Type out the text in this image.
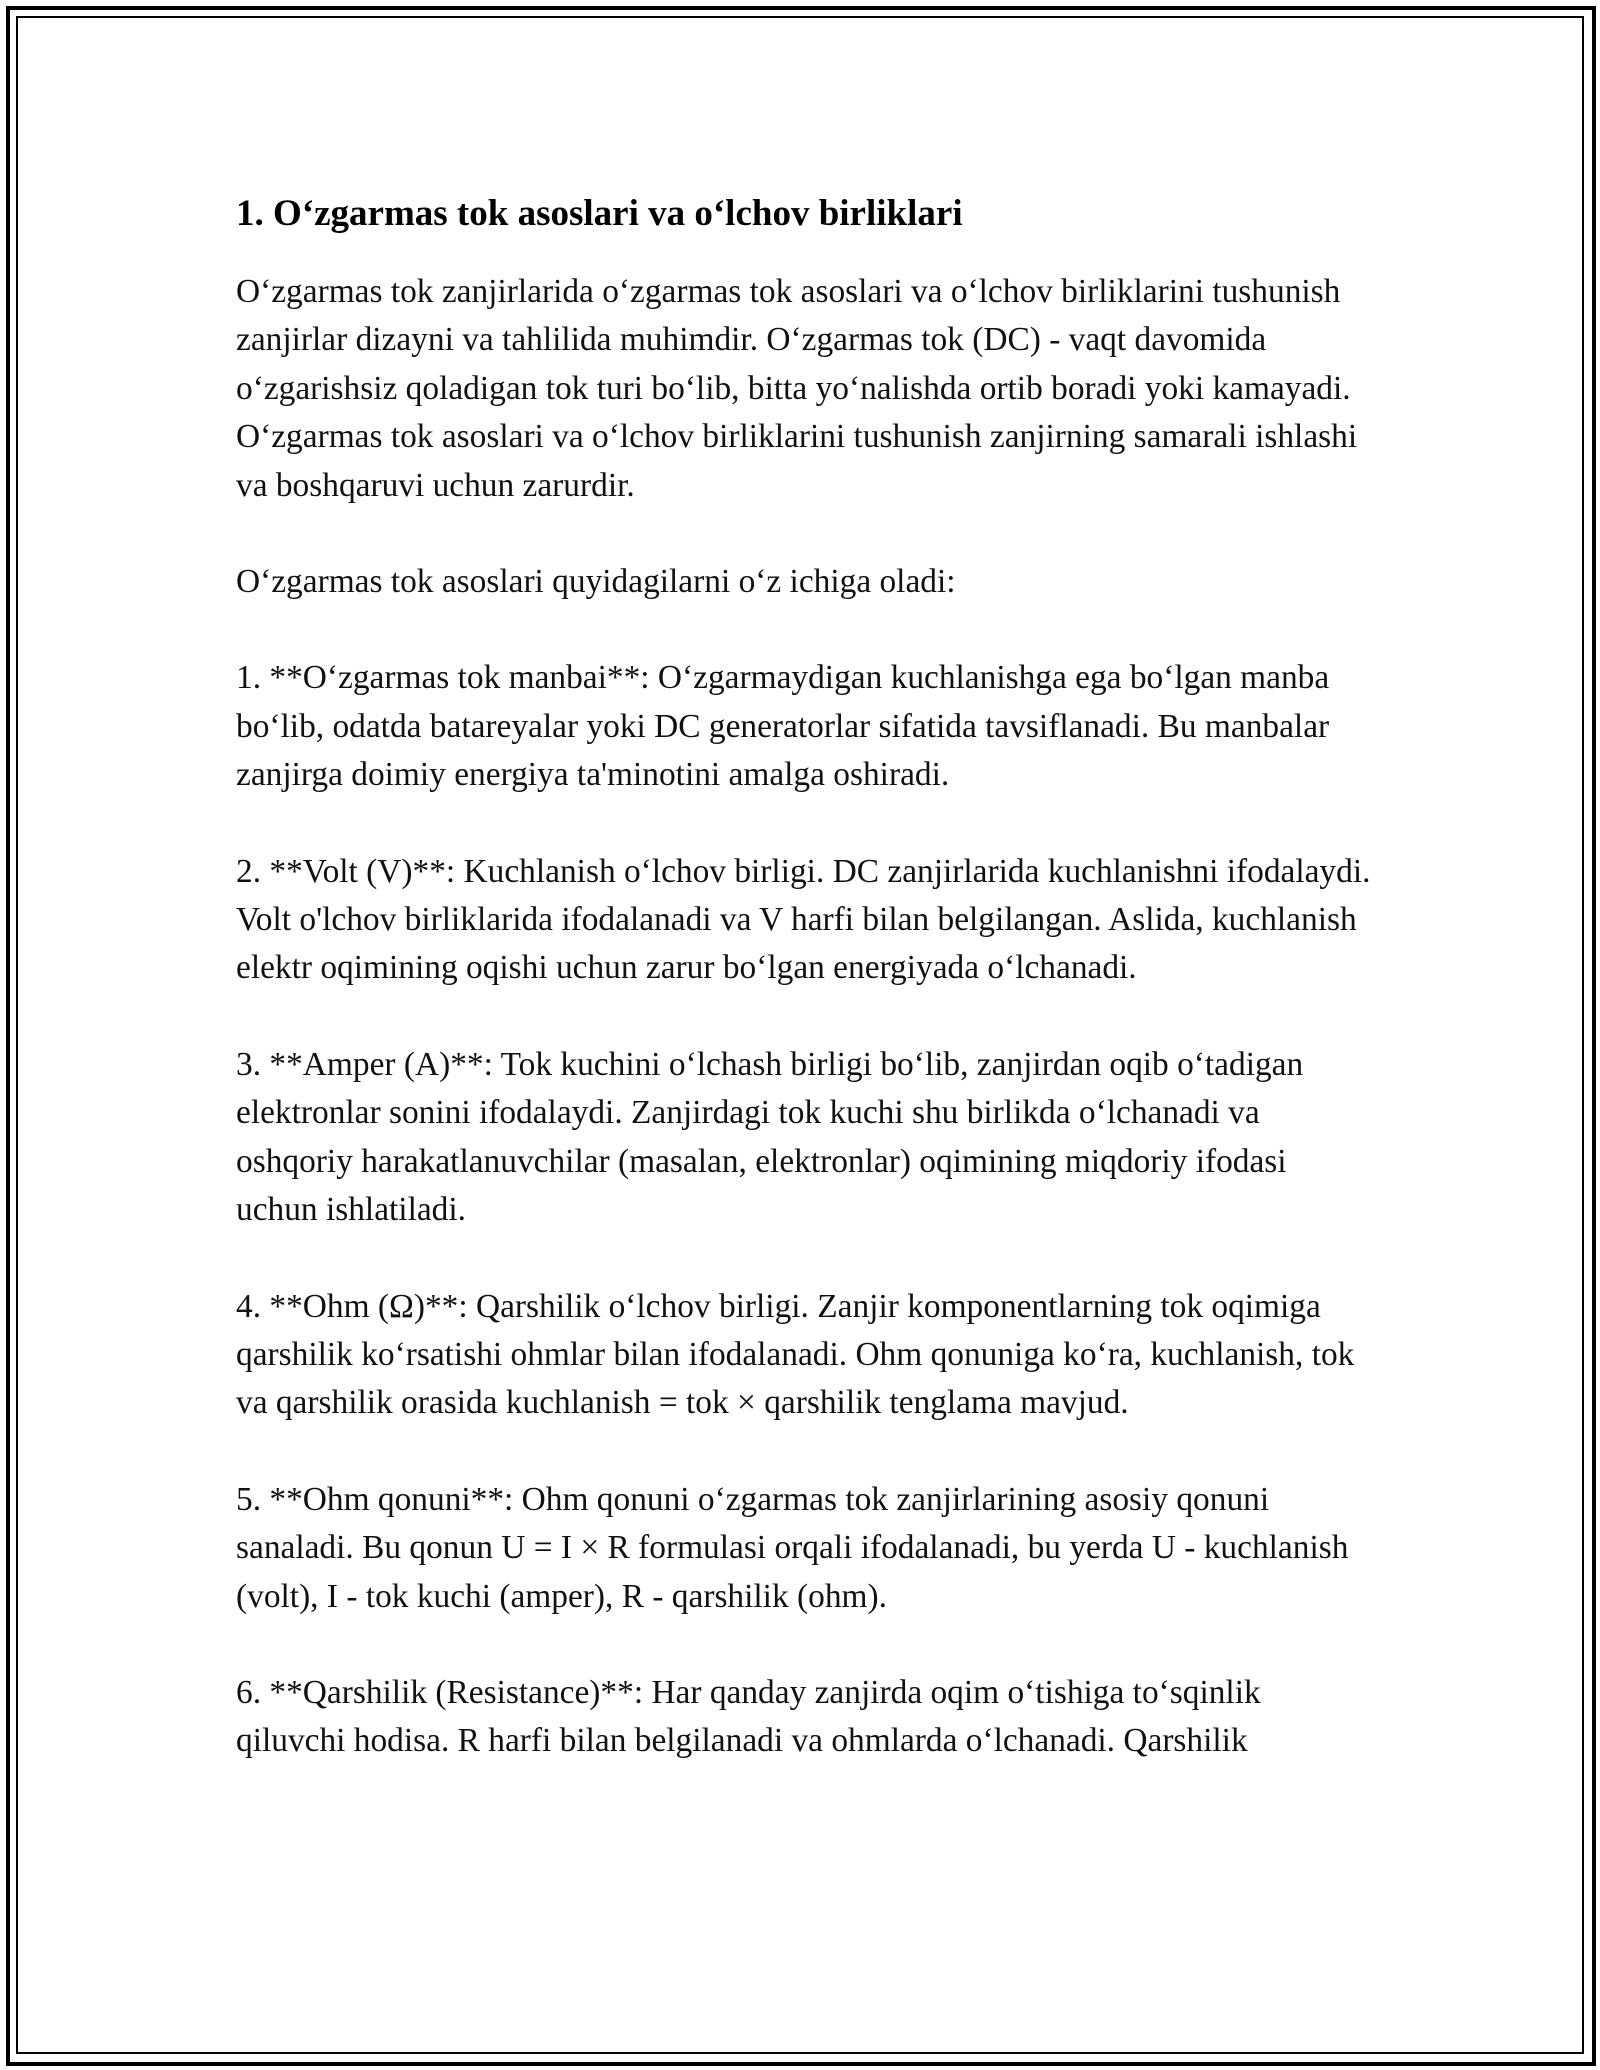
1. O‘zgarmas tok asoslari va o‘lchov birliklari

O‘zgarmas tok zanjirlarida o‘zgarmas tok asoslari va o‘lchov birliklarini tushunish zanjirlar dizayni va tahlilida muhimdir. O‘zgarmas tok (DC) - vaqt davomida o‘zgarishsiz qoladigan tok turi bo‘lib, bitta yo‘nalishda ortib boradi yoki kamayadi. O‘zgarmas tok asoslari va o‘lchov birliklarini tushunish zanjirning samarali ishlashi va boshqaruvi uchun zarurdir.

O‘zgarmas tok asoslari quyidagilarni o‘z ichiga oladi:

1. **O‘zgarmas tok manbai**: O‘zgarmaydigan kuchlanishga ega bo‘lgan manba bo‘lib, odatda batareyalar yoki DC generatorlar sifatida tavsiflanadi. Bu manbalar zanjirga doimiy energiya ta'minotini amalga oshiradi.

2. **Volt (V)**: Kuchlanish o‘lchov birligi. DC zanjirlarida kuchlanishni ifodalaydi. Volt o'lchov birliklarida ifodalanadi va V harfi bilan belgilangan. Aslida, kuchlanish elektr oqimining oqishi uchun zarur bo‘lgan energiyada o‘lchanadi.

3. **Amper (A)**: Tok kuchini o‘lchash birligi bo‘lib, zanjirdan oqib o‘tadigan elektronlar sonini ifodalaydi. Zanjirdagi tok kuchi shu birlikda o‘lchanadi va oshqoriy harakatlanuvchilar (masalan, elektronlar) oqimining miqdoriy ifodasi uchun ishlatiladi.

4. **Ohm (Ω)**: Qarshilik o‘lchov birligi. Zanjir komponentlarning tok oqimiga qarshilik ko‘rsatishi ohmlar bilan ifodalanadi. Ohm qonuniga ko‘ra, kuchlanish, tok va qarshilik orasida kuchlanish = tok × qarshilik tenglama mavjud.

5. **Ohm qonuni**: Ohm qonuni o‘zgarmas tok zanjirlarining asosiy qonuni sanaladi. Bu qonun U = I × R formulasi orqali ifodalanadi, bu yerda U - kuchlanish (volt), I - tok kuchi (amper), R - qarshilik (ohm).

6. **Qarshilik (Resistance)**: Har qanday zanjirda oqim o‘tishiga to‘sqinlik qiluvchi hodisa. R harfi bilan belgilanadi va ohmlarda o‘lchanadi. Qarshilik
